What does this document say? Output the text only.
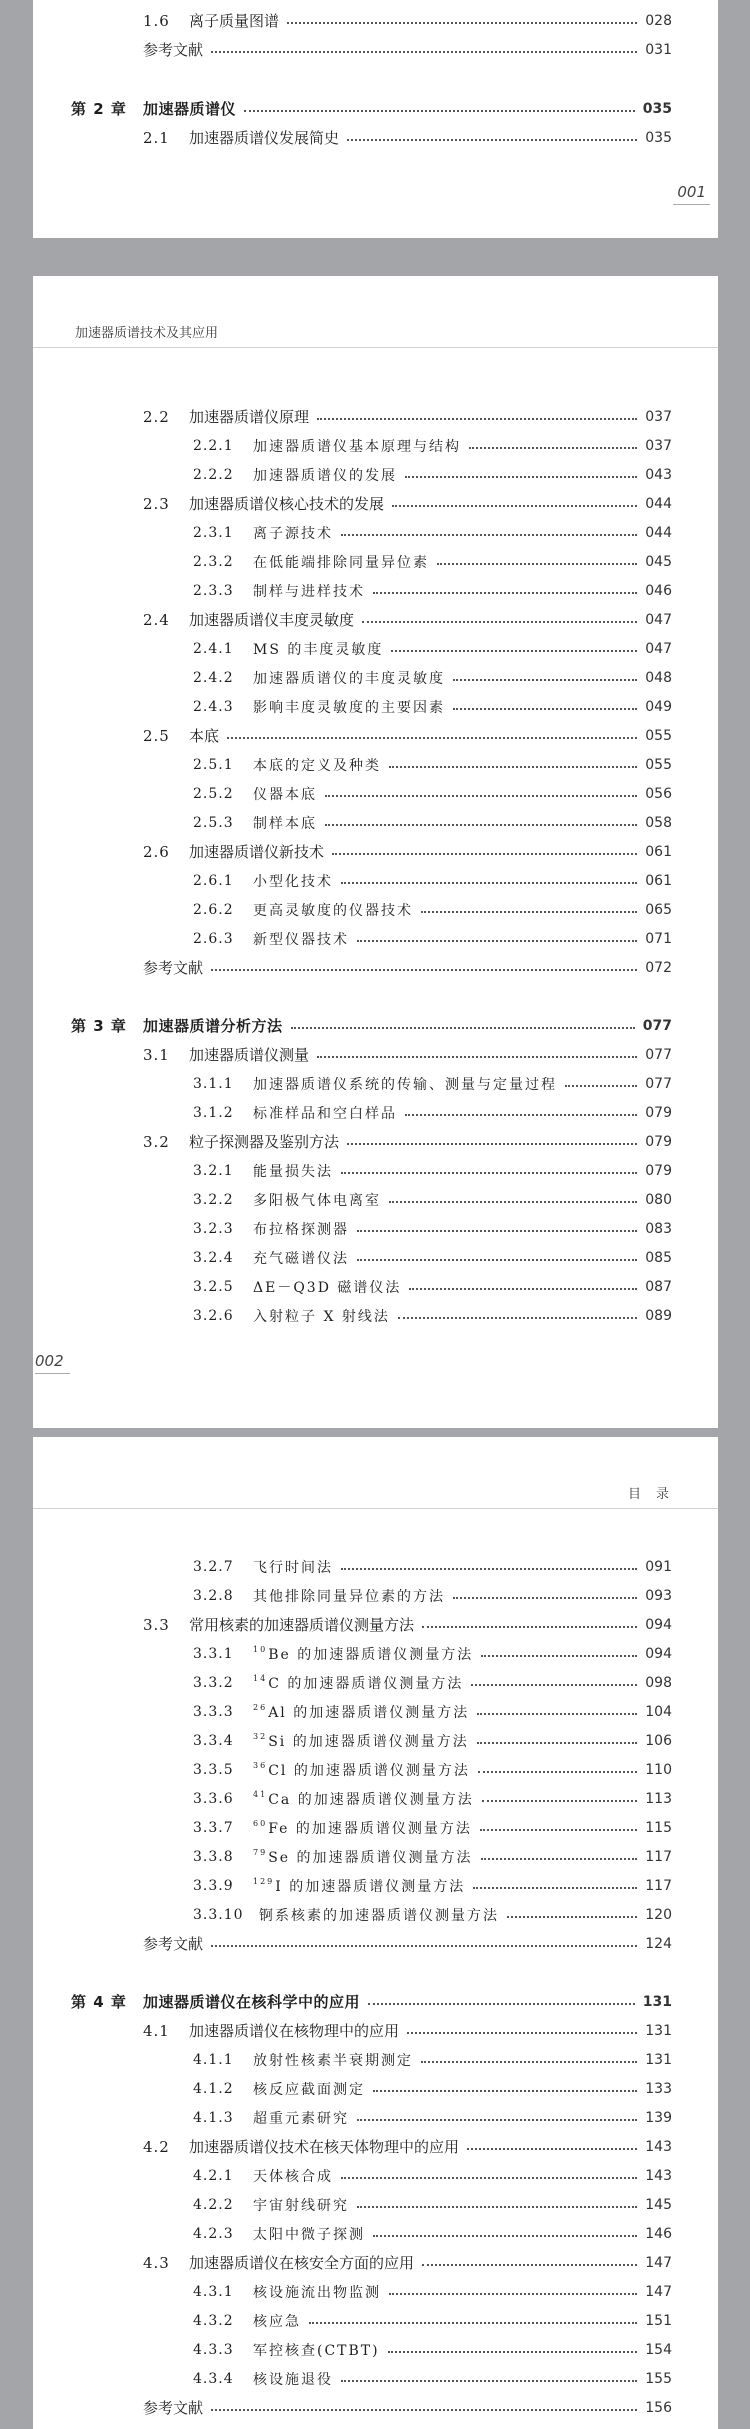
1.6	离子质量图谱	028
参考文献	031
第 2 章	加速器质谱仪	035
2.1	加速器质谱仪发展简史	035
001
加速器质谱技术及其应用
2.2	加速器质谱仪原理	037
2.2.1	加速器质谱仪基本原理与结构	037
2.2.2	加速器质谱仪的发展	043
2.3	加速器质谱仪核心技术的发展	044
2.3.1	离子源技术	044
2.3.2	在低能端排除同量异位素	045
2.3.3	制样与进样技术	046
2.4	加速器质谱仪丰度灵敏度	047
2.4.1	MS 的丰度灵敏度	047
2.4.2	加速器质谱仪的丰度灵敏度	048
2.4.3	影响丰度灵敏度的主要因素	049
2.5	本底	055
2.5.1	本底的定义及种类	055
2.5.2	仪器本底	056
2.5.3	制样本底	058
2.6	加速器质谱仪新技术	061
2.6.1	小型化技术	061
2.6.2	更高灵敏度的仪器技术	065
2.6.3	新型仪器技术	071
参考文献	072
第 3 章	加速器质谱分析方法	077
3.1	加速器质谱仪测量	077
3.1.1	加速器质谱仪系统的传输、测量与定量过程	077
3.1.2	标准样品和空白样品	079
3.2	粒子探测器及鉴别方法	079
3.2.1	能量损失法	079
3.2.2	多阳极气体电离室	080
3.2.3	布拉格探测器	083
3.2.4	充气磁谱仪法	085
3.2.5	ΔE－Q3D 磁谱仪法	087
3.2.6	入射粒子 X 射线法	089
002
目　录
3.2.7	飞行时间法	091
3.2.8	其他排除同量异位素的方法	093
3.3	常用核素的加速器质谱仪测量方法	094
3.3.1	$^{10}$Be 的加速器质谱仪测量方法	094
3.3.2	$^{14}$C 的加速器质谱仪测量方法	098
3.3.3	$^{26}$Al 的加速器质谱仪测量方法	104
3.3.4	$^{32}$Si 的加速器质谱仪测量方法	106
3.3.5	$^{36}$Cl 的加速器质谱仪测量方法	110
3.3.6	$^{41}$Ca 的加速器质谱仪测量方法	113
3.3.7	$^{60}$Fe 的加速器质谱仪测量方法	115
3.3.8	$^{79}$Se 的加速器质谱仪测量方法	117
3.3.9	$^{129}$I 的加速器质谱仪测量方法	117
3.3.10	锕系核素的加速器质谱仪测量方法	120
参考文献	124
第 4 章	加速器质谱仪在核科学中的应用	131
4.1	加速器质谱仪在核物理中的应用	131
4.1.1	放射性核素半衰期测定	131
4.1.2	核反应截面测定	133
4.1.3	超重元素研究	139
4.2	加速器质谱仪技术在核天体物理中的应用	143
4.2.1	天体核合成	143
4.2.2	宇宙射线研究	145
4.2.3	太阳中微子探测	146
4.3	加速器质谱仪在核安全方面的应用	147
4.3.1	核设施流出物监测	147
4.3.2	核应急	151
4.3.3	军控核查(CTBT)	154
4.3.4	核设施退役	155
参考文献	156
